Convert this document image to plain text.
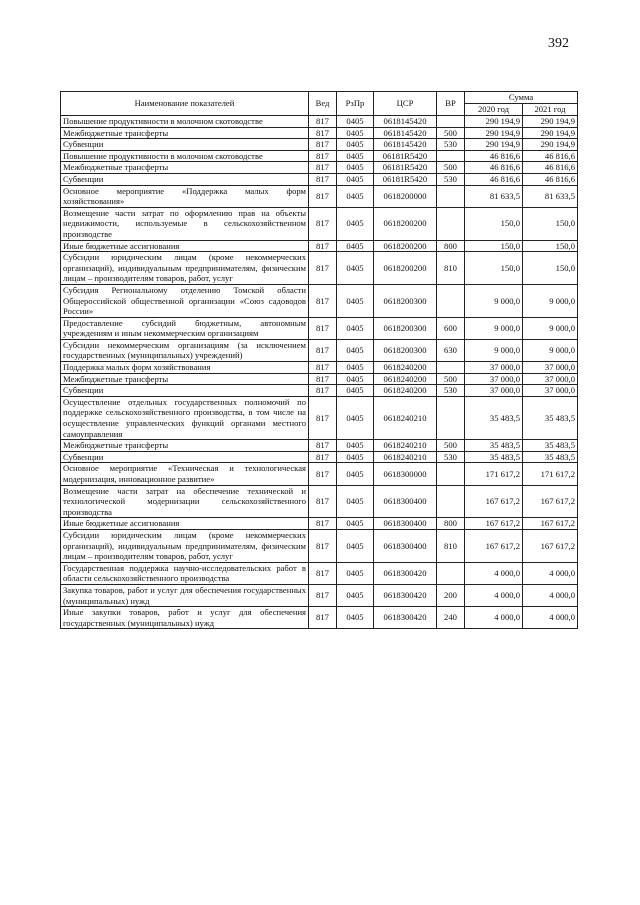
392
Наименование показателей	Вед	РзПр	ЦСР	ВР	Сумма	
					2020 год	2021 год
Повышение продуктивности в молочном скотоводстве	817	0405	0618145420		290 194,9	290 194,9
Межбюджетные трансферты	817	0405	0618145420	500	290 194,9	290 194,9
Субвенции	817	0405	0618145420	530	290 194,9	290 194,9
Повышение продуктивности в молочном скотоводстве	817	0405	06181R5420		46 816,6	46 816,6
Межбюджетные трансферты	817	0405	06181R5420	500	46 816,6	46 816,6
Субвенции	817	0405	06181R5420	530	46 816,6	46 816,6
Основное мероприятие «Поддержка малых форм хозяйствования»	817	0405	0618200000		81 633,5	81 633,5
Возмещение части затрат по оформлению прав на объекты недвижимости, используемые в сельскохозяйственном производстве	817	0405	0618200200		150,0	150,0
Иные бюджетные ассигнования	817	0405	0618200200	800	150,0	150,0
Субсидии юридическим лицам (кроме некоммерческих организаций), индивидуальным предпринимателям, физическим лицам – производителям товаров, работ, услуг	817	0405	0618200200	810	150,0	150,0
Субсидия Региональному отделению Томской области Общероссийской общественной организации «Союз садоводов России»	817	0405	0618200300		9 000,0	9 000,0
Предоставление субсидий бюджетным, автономным учреждениям и иным некоммерческим организациям	817	0405	0618200300	600	9 000,0	9 000,0
Субсидии некоммерческим организациям (за исключением государственных (муниципальных) учреждений)	817	0405	0618200300	630	9 000,0	9 000,0
Поддержка малых форм хозяйствования	817	0405	0618240200		37 000,0	37 000,0
Межбюджетные трансферты	817	0405	0618240200	500	37 000,0	37 000,0
Субвенции	817	0405	0618240200	530	37 000,0	37 000,0
Осуществление отдельных государственных полномочий по поддержке сельскохозяйственного производства, в том числе на осуществление управленческих функций органами местного самоуправления	817	0405	0618240210		35 483,5	35 483,5
Межбюджетные трансферты	817	0405	0618240210	500	35 483,5	35 483,5
Субвенции	817	0405	0618240210	530	35 483,5	35 483,5
Основное мероприятие «Техническая и технологическая модернизация, инновационное развитие»	817	0405	0618300000		171 617,2	171 617,2
Возмещение части затрат на обеспечение технической и технологической модернизации сельскохозяйственного производства	817	0405	0618300400		167 617,2	167 617,2
Иные бюджетные ассигнования	817	0405	0618300400	800	167 617,2	167 617,2
Субсидии юридическим лицам (кроме некоммерческих организаций), индивидуальным предпринимателям, физическим лицам – производителям товаров, работ, услуг	817	0405	0618300400	810	167 617,2	167 617,2
Государственная поддержка научно-исследовательских работ в области сельскохозяйственного производства	817	0405	0618300420		4 000,0	4 000,0
Закупка товаров, работ и услуг для обеспечения государственных (муниципальных) нужд	817	0405	0618300420	200	4 000,0	4 000,0
Иные закупки товаров, работ и услуг для обеспечения государственных (муниципальных) нужд	817	0405	0618300420	240	4 000,0	4 000,0
